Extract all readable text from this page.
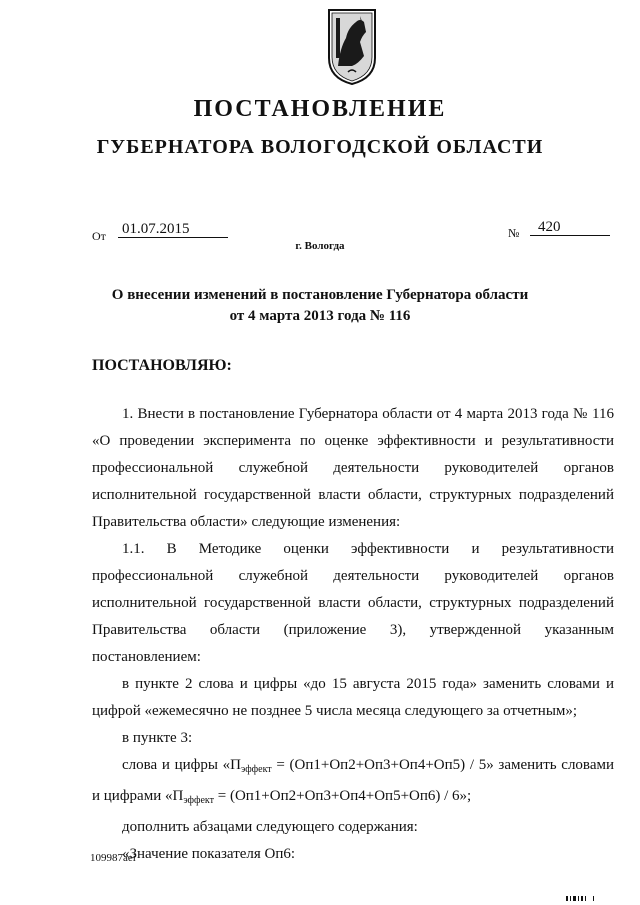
ПОСТАНОВЛЕНИЕ
ГУБЕРНАТОРА ВОЛОГОДСКОЙ ОБЛАСТИ
От 01.07.2015	№ 420
г. Вологда
О внесении изменений в постановление Губернатора области
от 4 марта 2013 года № 116
ПОСТАНОВЛЯЮ:

1. Внести в постановление Губернатора области от 4 марта 2013 года № 116 «О проведении эксперимента по оценке эффективности и результативности профессиональной служебной деятельности руководителей органов исполнительной государственной власти области, структурных подразделений Правительства области» следующие изменения:

1.1. В Методике оценки эффективности и результативности профессиональной служебной деятельности руководителей органов исполнительной государственной власти области, структурных подразделений Правительства области (приложение 3), утвержденной указанным постановлением:

в пункте 2 слова и цифры «до 15 августа 2015 года» заменить словами и цифрой «ежемесячно не позднее 5 числа месяца следующего за отчетным»;

в пункте 3:

слова и цифры «$П_{эффект} = (Оп1+Оп2+Оп3+Оп4+Оп5) / 5$» заменить словами и цифрами «$П_{эффект} = (Оп1+Оп2+Оп3+Оп4+Оп5+Оп6) / 6$»;

дополнить абзацами следующего содержания:

«Значение показателя Оп6:

109987aei
